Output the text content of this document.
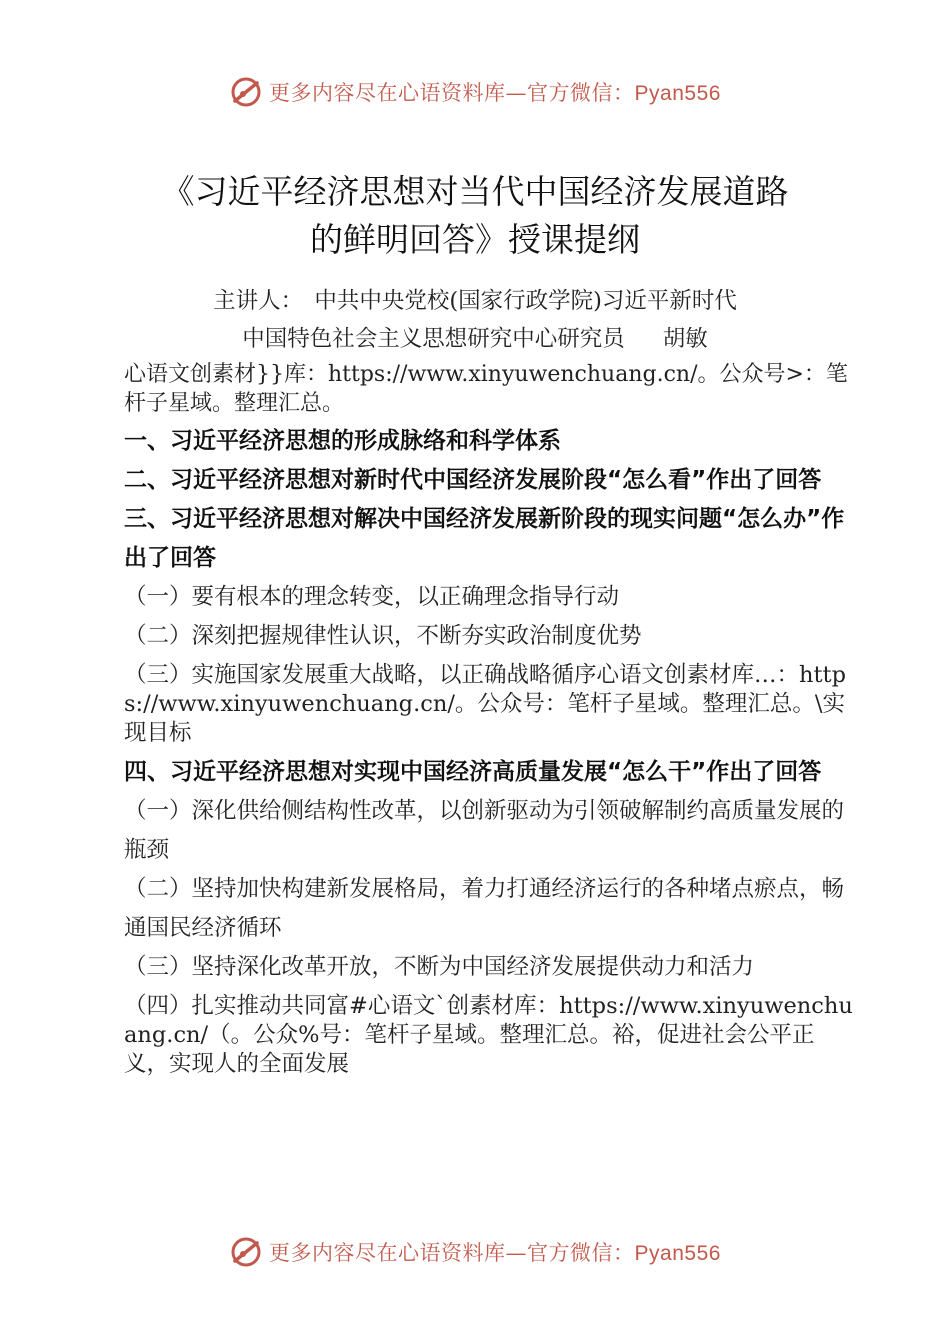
更多内容尽在心语资料库—官方微信：Pyan556
《习近平经济思想对当代中国经济发展道路
的鲜明回答》授课提纲
主讲人：　中共中央党校(国家行政学院)习近平新时代
中国特色社会主义思想研究中心研究员 胡敏

心语文创素材}}库：https://www.xinyuwenchuang.cn/。公众号>：笔杆子星域。整理汇总。

一、习近平经济思想的形成脉络和科学体系

二、习近平经济思想对新时代中国经济发展阶段“怎么看”作出了回答

三、习近平经济思想对解决中国经济发展新阶段的现实问题“怎么办”作出了回答

（一）要有根本的理念转变，以正确理念指导行动

（二）深刻把握规律性认识，不断夯实政治制度优势

（三）实施国家发展重大战略，以正确战略循序心语文创素材库…：https://www.xinyuwenchuang.cn/。公众号：笔杆子星域。整理汇总。\实现目标

四、习近平经济思想对实现中国经济高质量发展“怎么干”作出了回答

（一）深化供给侧结构性改革，以创新驱动为引领破解制约高质量发展的瓶颈

（二）坚持加快构建新发展格局，着力打通经济运行的各种堵点瘀点，畅通国民经济循环

（三）坚持深化改革开放，不断为中国经济发展提供动力和活力

（四）扎实推动共同富#心语文`创素材库：https://www.xinyuwenchuang.cn/（。公众%号：笔杆子星域。整理汇总。裕，促进社会公平正义，实现人的全面发展

更多内容尽在心语资料库—官方微信：Pyan556
